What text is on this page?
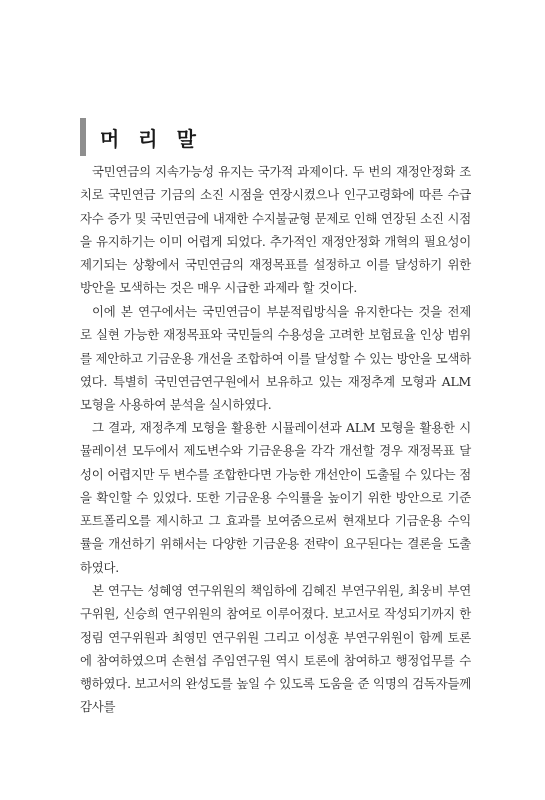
머 리 말

국민연금의 지속가능성 유지는 국가적 과제이다. 두 번의 재정안정화 조치로 국민연금 기금의 소진 시점을 연장시켰으나 인구고령화에 따른 수급자수 증가 및 국민연금에 내재한 수지불균형 문제로 인해 연장된 소진 시점을 유지하기는 이미 어렵게 되었다. 추가적인 재정안정화 개혁의 필요성이 제기되는 상황에서 국민연금의 재정목표를 설정하고 이를 달성하기 위한 방안을 모색하는 것은 매우 시급한 과제라 할 것이다.

이에 본 연구에서는 국민연금이 부분적립방식을 유지한다는 것을 전제로 실현 가능한 재정목표와 국민들의 수용성을 고려한 보험료율 인상 범위를 제안하고 기금운용 개선을 조합하여 이를 달성할 수 있는 방안을 모색하였다. 특별히 국민연금연구원에서 보유하고 있는 재정추계 모형과 ALM 모형을 사용하여 분석을 실시하였다.

그 결과, 재정추계 모형을 활용한 시뮬레이션과 ALM 모형을 활용한 시뮬레이션 모두에서 제도변수와 기금운용을 각각 개선할 경우 재정목표 달성이 어렵지만 두 변수를 조합한다면 가능한 개선안이 도출될 수 있다는 점을 확인할 수 있었다. 또한 기금운용 수익률을 높이기 위한 방안으로 기준포트폴리오를 제시하고 그 효과를 보여줌으로써 현재보다 기금운용 수익률을 개선하기 위해서는 다양한 기금운용 전략이 요구된다는 결론을 도출하였다.

본 연구는 성혜영 연구위원의 책임하에 김혜진 부연구위원, 최웅비 부연구위원, 신승희 연구위원의 참여로 이루어졌다. 보고서로 작성되기까지 한정림 연구위원과 최영민 연구위원 그리고 이성훈 부연구위원이 함께 토론에 참여하였으며 손현섭 주임연구원 역시 토론에 참여하고 행정업무를 수행하였다. 보고서의 완성도를 높일 수 있도록 도움을 준 익명의 검독자들께 감사를
